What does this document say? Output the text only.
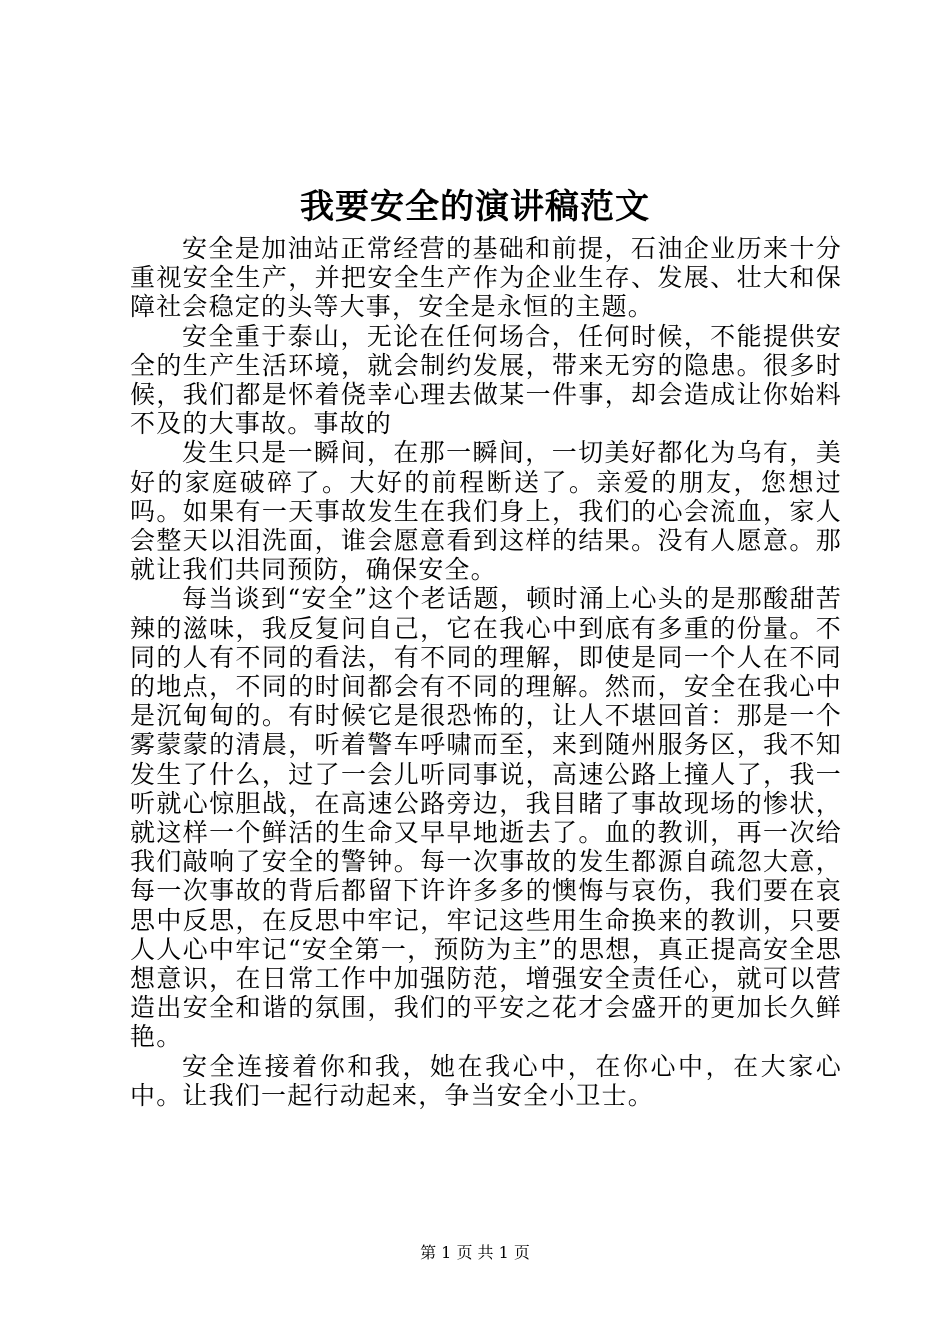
我要安全的演讲稿范文

安全是加油站正常经营的基础和前提，石油企业历来十分重视安全生产，并把安全生产作为企业生存、发展、壮大和保障社会稳定的头等大事，安全是永恒的主题。

安全重于泰山，无论在任何场合，任何时候，不能提供安全的生产生活环境，就会制约发展，带来无穷的隐患。很多时候，我们都是怀着侥幸心理去做某一件事，却会造成让你始料不及的大事故。事故的

发生只是一瞬间，在那一瞬间，一切美好都化为乌有，美好的家庭破碎了。大好的前程断送了。亲爱的朋友，您想过吗。如果有一天事故发生在我们身上，我们的心会流血，家人会整天以泪洗面，谁会愿意看到这样的结果。没有人愿意。那就让我们共同预防，确保安全。

每当谈到“安全”这个老话题，顿时涌上心头的是那酸甜苦辣的滋味，我反复问自己，它在我心中到底有多重的份量。不同的人有不同的看法，有不同的理解，即使是同一个人在不同的地点，不同的时间都会有不同的理解。然而，安全在我心中是沉甸甸的。有时候它是很恐怖的，让人不堪回首：那是一个雾蒙蒙的清晨，听着警车呼啸而至，来到随州服务区，我不知发生了什么，过了一会儿听同事说，高速公路上撞人了，我一听就心惊胆战，在高速公路旁边，我目睹了事故现场的惨状，就这样一个鲜活的生命又早早地逝去了。血的教训，再一次给我们敲响了安全的警钟。每一次事故的发生都源自疏忽大意，每一次事故的背后都留下许许多多的懊悔与哀伤，我们要在哀思中反思，在反思中牢记，牢记这些用生命换来的教训，只要人人心中牢记“安全第一，预防为主”的思想，真正提高安全思想意识，在日常工作中加强防范，增强安全责任心，就可以营造出安全和谐的氛围，我们的平安之花才会盛开的更加长久鲜艳。

安全连接着你和我，她在我心中，在你心中，在大家心中。让我们一起行动起来，争当安全小卫士。

第 1 页 共 1 页
